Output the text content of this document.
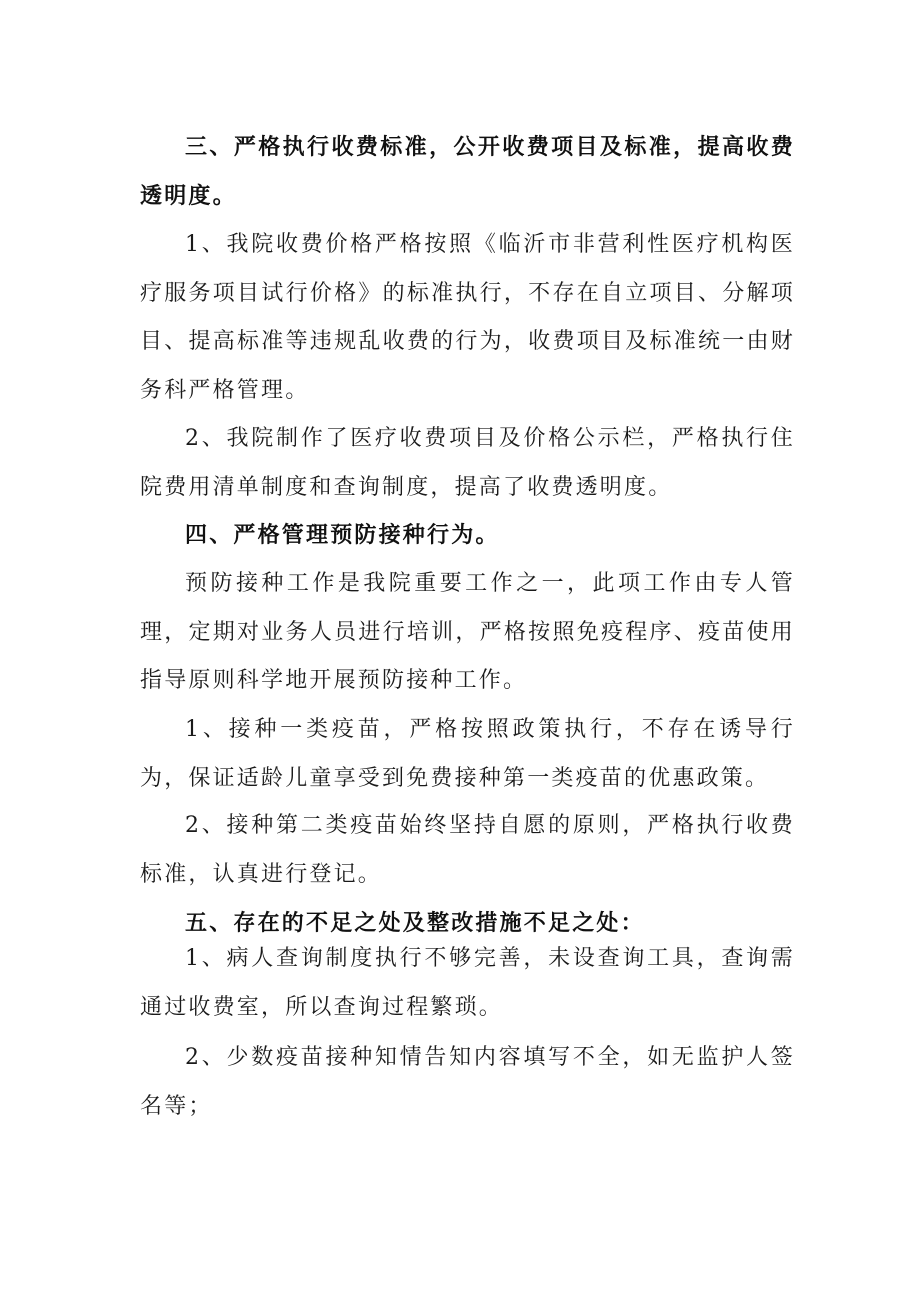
三、严格执行收费标准，公开收费项目及标准，提高收费透明度。

1、我院收费价格严格按照《临沂市非营利性医疗机构医疗服务项目试行价格》的标准执行，不存在自立项目、分解项目、提高标准等违规乱收费的行为，收费项目及标准统一由财务科严格管理。

2、我院制作了医疗收费项目及价格公示栏，严格执行住院费用清单制度和查询制度，提高了收费透明度。

四、严格管理预防接种行为。

预防接种工作是我院重要工作之一，此项工作由专人管理，定期对业务人员进行培训，严格按照免疫程序、疫苗使用指导原则科学地开展预防接种工作。

1、接种一类疫苗，严格按照政策执行，不存在诱导行为，保证适龄儿童享受到免费接种第一类疫苗的优惠政策。

2、接种第二类疫苗始终坚持自愿的原则，严格执行收费标准，认真进行登记。

五、存在的不足之处及整改措施不足之处：

1、病人查询制度执行不够完善，未设查询工具，查询需通过收费室，所以查询过程繁琐。

2、少数疫苗接种知情告知内容填写不全，如无监护人签名等；
